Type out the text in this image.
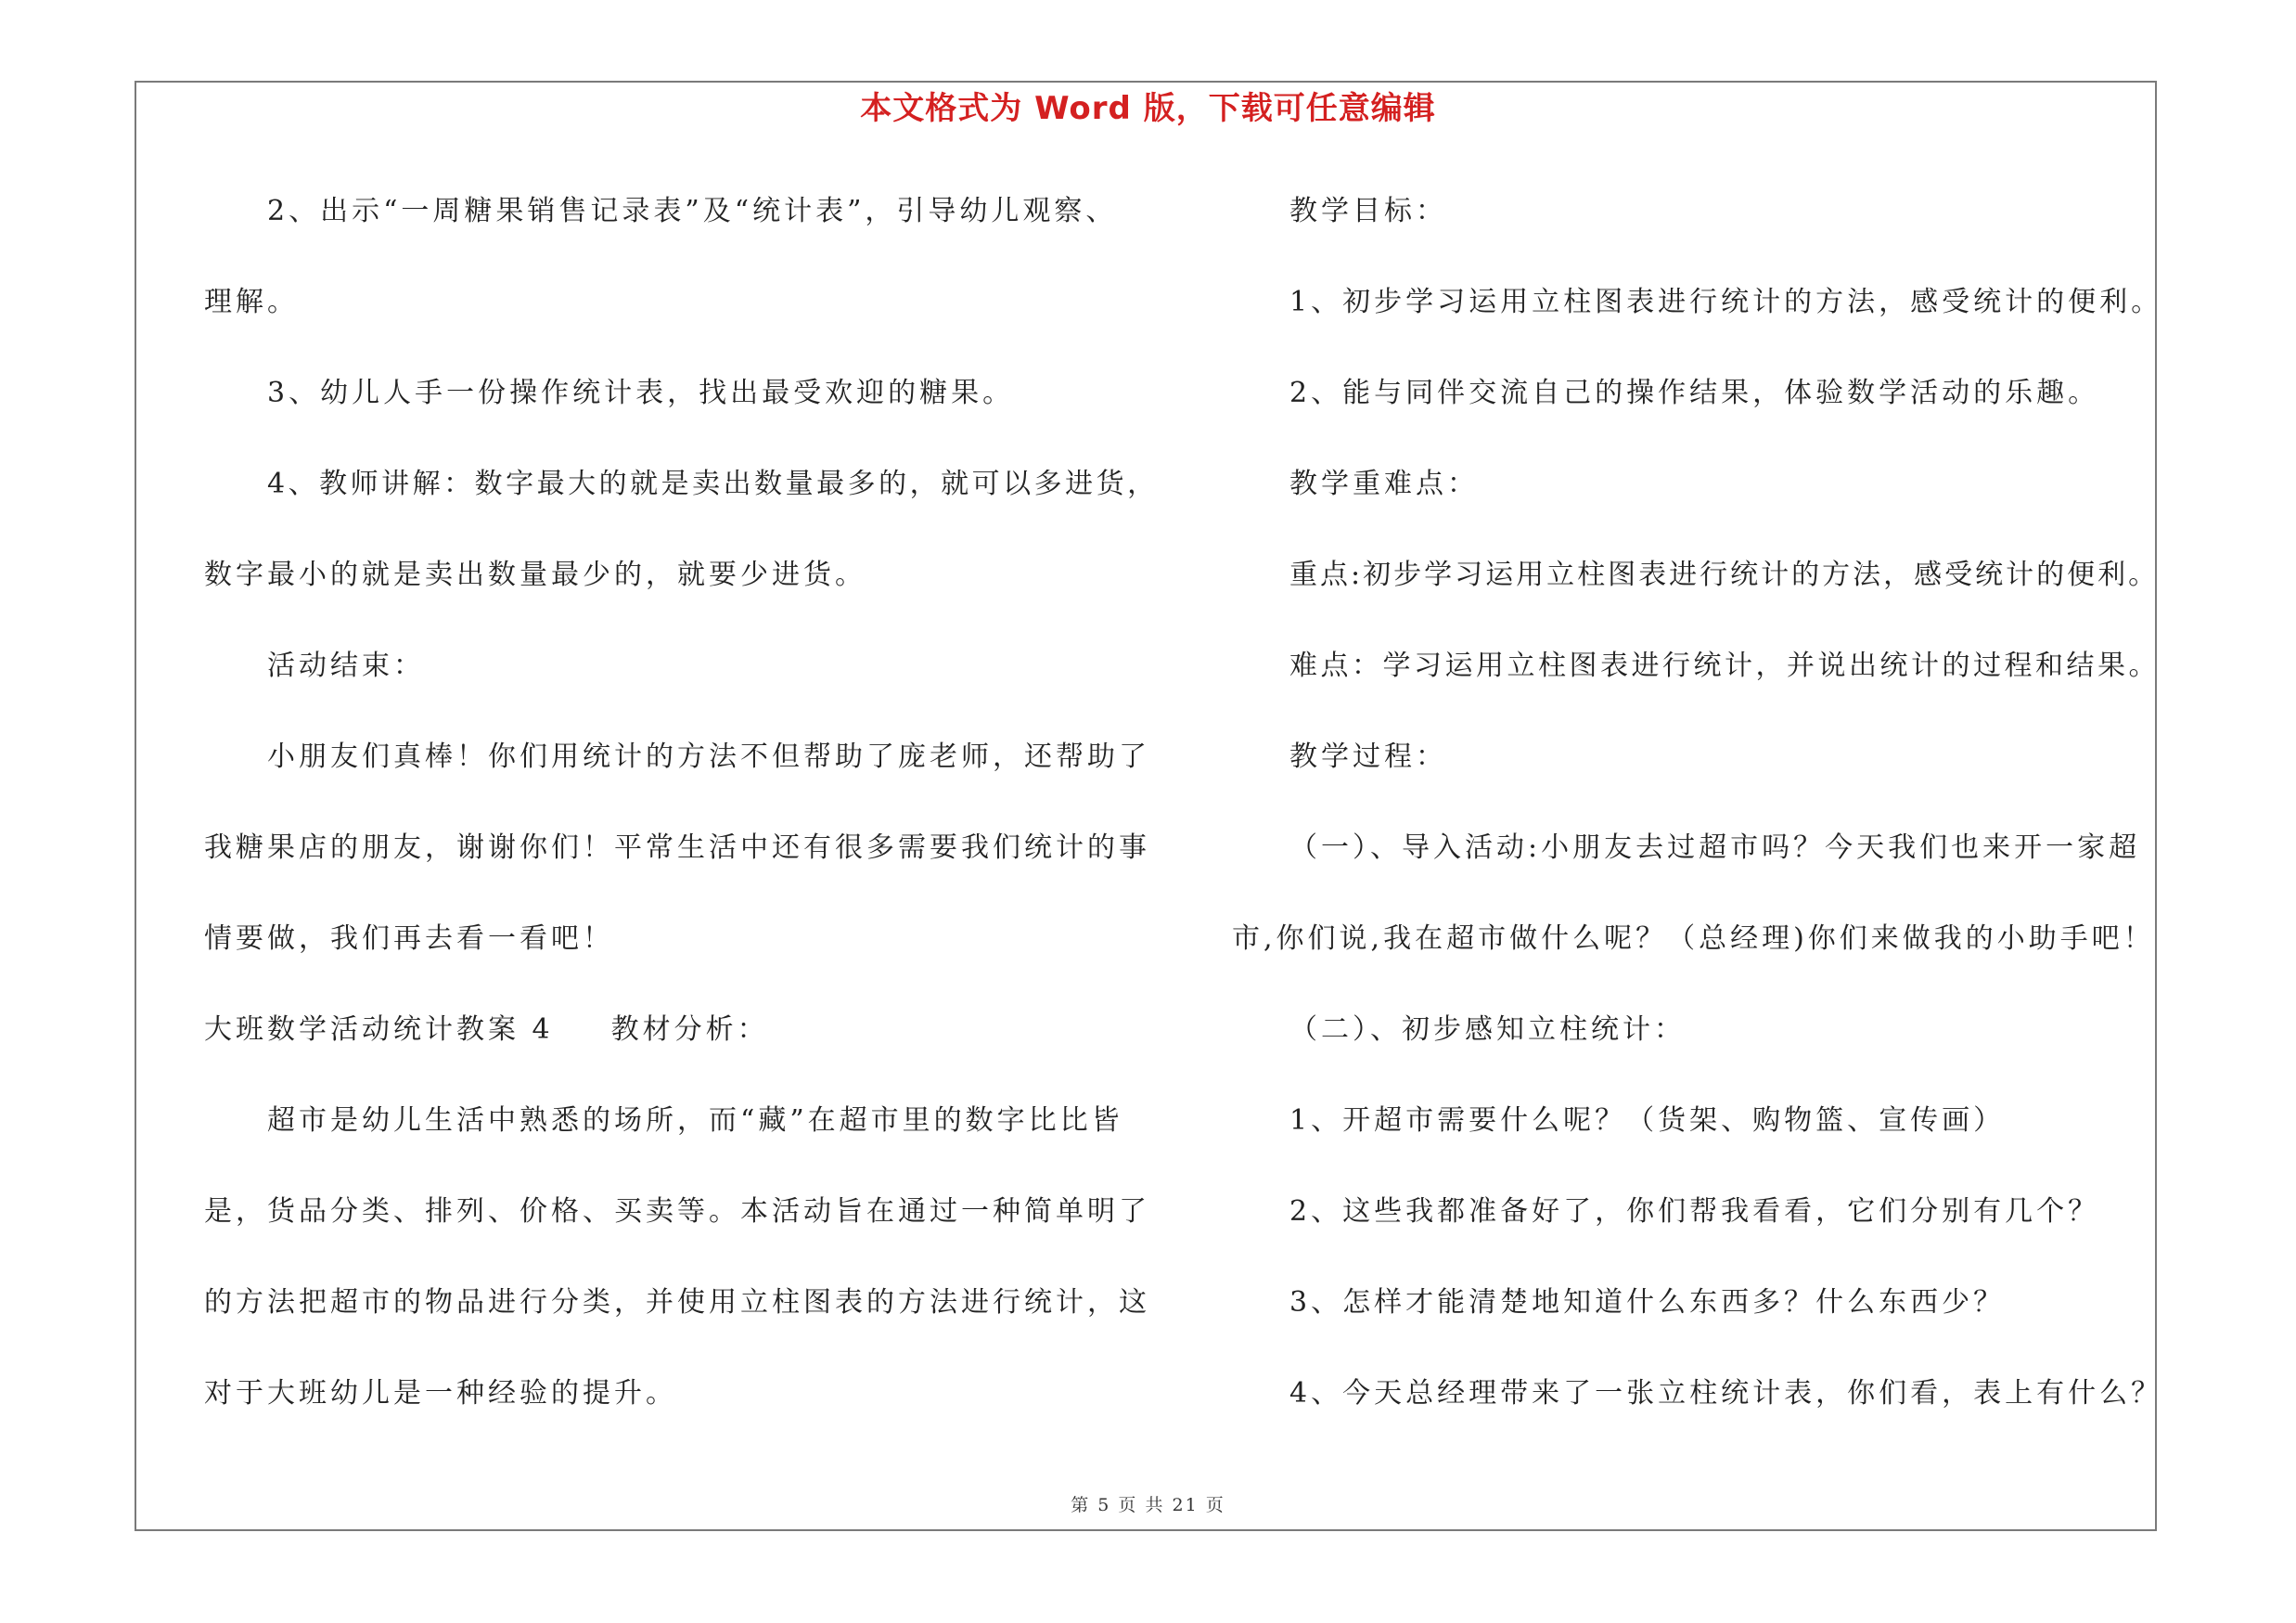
本文格式为 Word 版，下载可任意编辑
2、出示“一周糖果销售记录表”及“统计表”，引导幼儿观察、
理解。
3、幼儿人手一份操作统计表，找出最受欢迎的糖果。
4、教师讲解：数字最大的就是卖出数量最多的，就可以多进货，
数字最小的就是卖出数量最少的，就要少进货。
活动结束：
小朋友们真棒！你们用统计的方法不但帮助了庞老师，还帮助了
我糖果店的朋友，谢谢你们！平常生活中还有很多需要我们统计的事
情要做，我们再去看一看吧！
大班数学活动统计教案 4 教材分析：
超市是幼儿生活中熟悉的场所，而“藏”在超市里的数字比比皆
是，货品分类、排列、价格、买卖等。本活动旨在通过一种简单明了
的方法把超市的物品进行分类，并使用立柱图表的方法进行统计，这
对于大班幼儿是一种经验的提升。
教学目标：
1、初步学习运用立柱图表进行统计的方法，感受统计的便利。
2、能与同伴交流自己的操作结果，体验数学活动的乐趣。
教学重难点：
重点:初步学习运用立柱图表进行统计的方法，感受统计的便利。
难点：学习运用立柱图表进行统计，并说出统计的过程和结果。
教学过程：
（一）、导入活动:小朋友去过超市吗？今天我们也来开一家超
市,你们说,我在超市做什么呢？（总经理)你们来做我的小助手吧！
（二）、初步感知立柱统计：
1、开超市需要什么呢？（货架、购物篮、宣传画）
2、这些我都准备好了，你们帮我看看，它们分别有几个？
3、怎样才能清楚地知道什么东西多？什么东西少？
4、今天总经理带来了一张立柱统计表，你们看，表上有什么？
第 5 页 共 21 页
